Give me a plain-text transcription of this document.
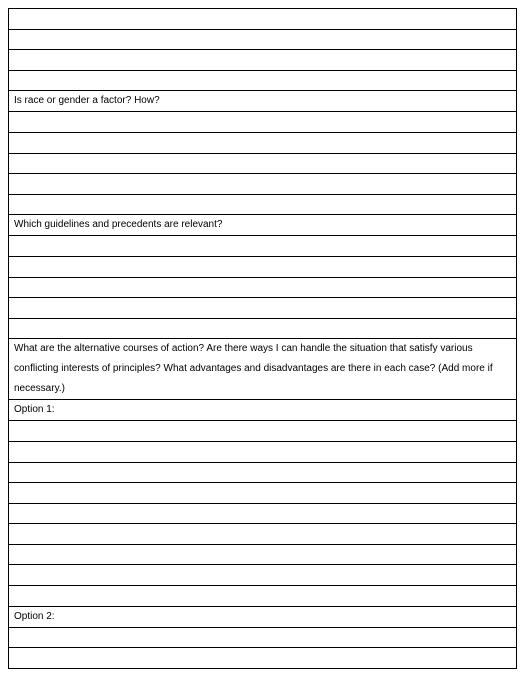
Is race or gender a factor? How?

Which guidelines and precedents are relevant?

What are the alternative courses of action? Are there ways I can handle the situation that satisfy various conflicting interests of principles? What advantages and disadvantages are there in each case? (Add more if necessary.)
Option 1:

Option 2:
